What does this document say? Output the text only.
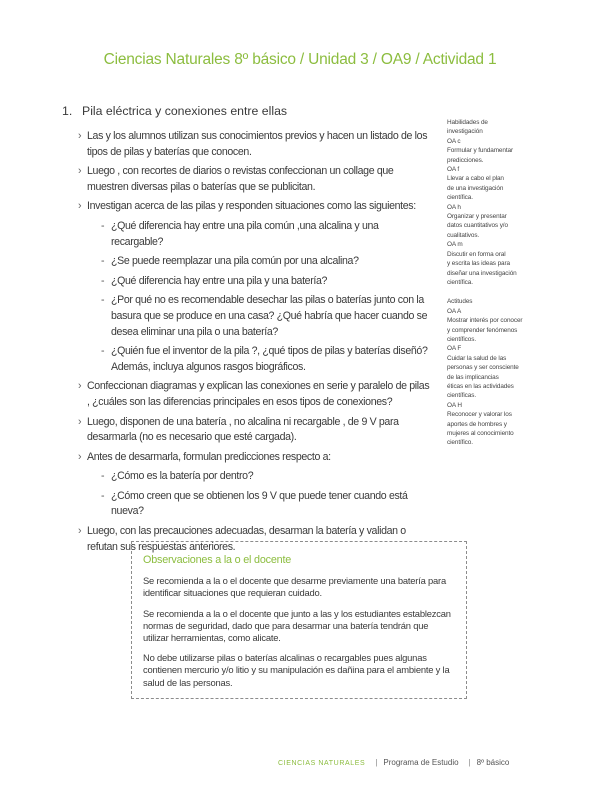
Ciencias Naturales 8º básico / Unidad 3 / OA9 / Actividad 1
1. Pila eléctrica y conexiones entre ellas
› Las y los alumnos utilizan sus conocimientos previos y hacen un listado de los tipos de pilas y baterías que conocen.
› Luego , con recortes de diarios o revistas confeccionan un collage que muestren diversas pilas o baterías que se publicitan.
› Investigan acerca de las pilas y responden situaciones como las siguientes:
- ¿Qué diferencia hay entre una pila común ,una alcalina y una recargable?
- ¿Se puede reemplazar una pila común por una alcalina?
- ¿Qué diferencia hay entre una pila y una batería?
- ¿Por qué no es recomendable desechar las pilas o baterías junto con la basura que se produce en una casa? ¿Qué habría que hacer cuando se desea eliminar una pila o una batería?
- ¿Quién fue el inventor de la pila ?, ¿qué tipos de pilas y baterías diseñó? Además, incluya algunos rasgos biográficos.
› Confeccionan diagramas y explican las conexiones en serie y paralelo de pilas , ¿cuáles son las diferencias principales en esos tipos de conexiones?
› Luego, disponen de una batería , no alcalina ni recargable , de 9 V para desarmarla (no es necesario que esté cargada).
› Antes de desarmarla, formulan predicciones respecto a:
- ¿Cómo es la batería por dentro?
- ¿Cómo creen que se obtienen los 9 V que puede tener cuando está nueva?
› Luego, con las precauciones adecuadas, desarman la batería y validan o refutan sus respuestas anteriores.

Habilidades de

investigación

OA c

Formular y fundamentar

predicciones.

OA f

Llevar a cabo el plan

de una investigación

científica.

OA h

Organizar y presentar

datos cuantitativos y/o

cualitativos.

OA m

Discutir en forma oral

y escrita las ideas para

diseñar una investigación

científica.

Actitudes

OA A

Mostrar interés por conocer

y comprender fenómenos

científicos.

OA F

Cuidar la salud de las

personas y ser consciente

de las implicancias

éticas en las actividades

científicas.

OA H

Reconocer y valorar los

aportes de hombres y

mujeres al conocimiento

científico.

Observaciones a la o el docente

Se recomienda a la o el docente que desarme previamente una batería para identificar situaciones que requieran cuidado.

Se recomienda a la o el docente que junto a las y los estudiantes establezcan normas de seguridad, dado que para desarmar una batería tendrán que utilizar herramientas, como alicate.

No debe utilizarse pilas o baterías alcalinas o recargables pues algunas contienen mercurio y/o litio y su manipulación es dañina para el ambiente y la salud de las personas.

CIENCIAS NATURALES | Programa de Estudio | 8º básico
